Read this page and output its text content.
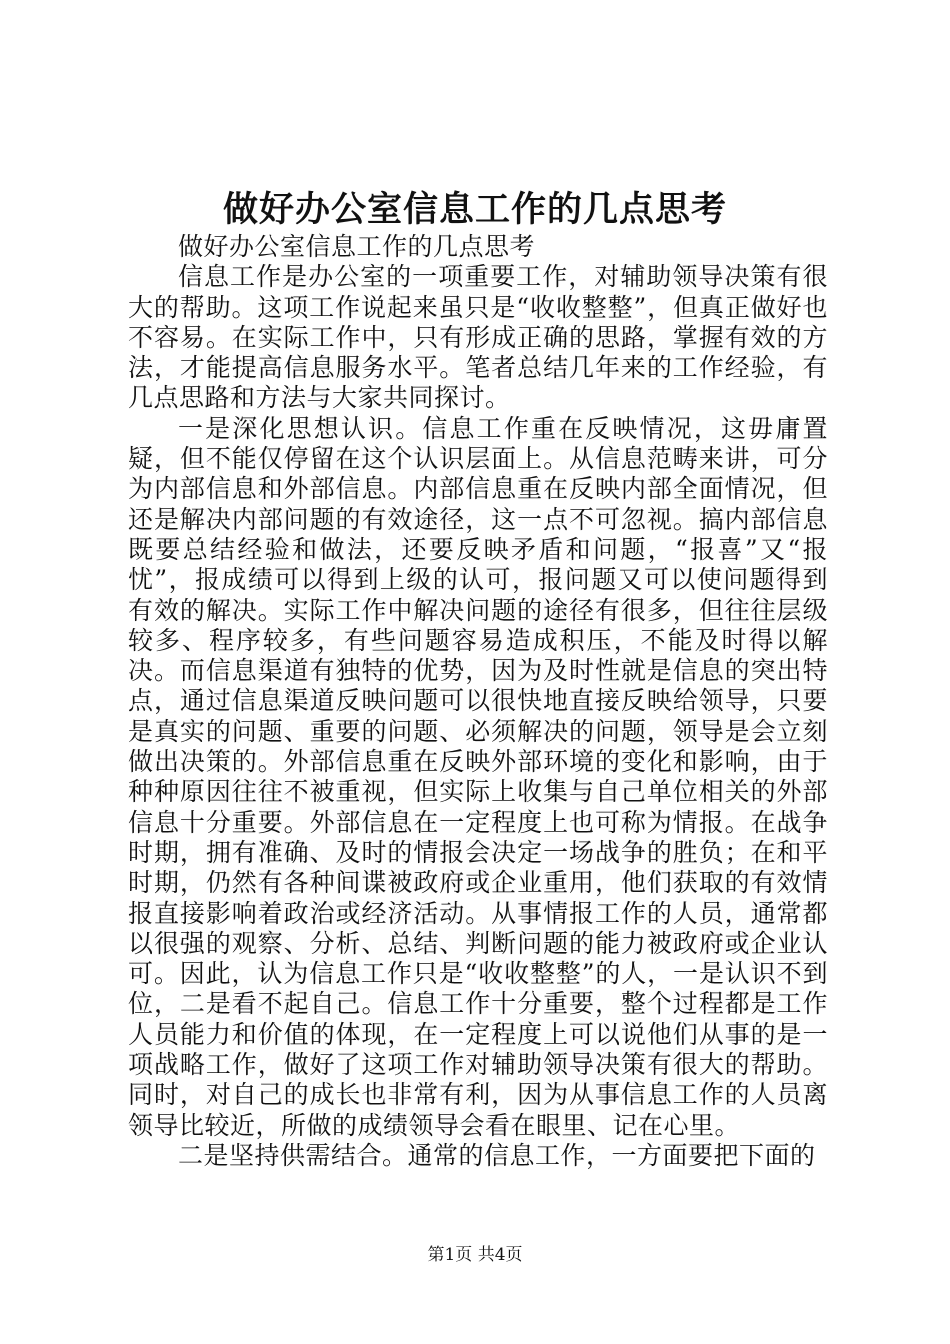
做好办公室信息工作的几点思考

做好办公室信息工作的几点思考

信息工作是办公室的一项重要工作，对辅助领导决策有很大的帮助。这项工作说起来虽只是“收收整整”，但真正做好也不容易。在实际工作中，只有形成正确的思路，掌握有效的方法，才能提高信息服务水平。笔者总结几年来的工作经验，有几点思路和方法与大家共同探讨。

一是深化思想认识。信息工作重在反映情况，这毋庸置疑，但不能仅停留在这个认识层面上。从信息范畴来讲，可分为内部信息和外部信息。内部信息重在反映内部全面情况，但还是解决内部问题的有效途径，这一点不可忽视。搞内部信息既要总结经验和做法，还要反映矛盾和问题，“报喜”又“报忧”，报成绩可以得到上级的认可，报问题又可以使问题得到有效的解决。实际工作中解决问题的途径有很多，但往往层级较多、程序较多，有些问题容易造成积压，不能及时得以解决。而信息渠道有独特的优势，因为及时性就是信息的突出特点，通过信息渠道反映问题可以很快地直接反映给领导，只要是真实的问题、重要的问题、必须解决的问题，领导是会立刻做出决策的。外部信息重在反映外部环境的变化和影响，由于种种原因往往不被重视，但实际上收集与自己单位相关的外部信息十分重要。外部信息在一定程度上也可称为情报。在战争时期，拥有准确、及时的情报会决定一场战争的胜负；在和平时期，仍然有各种间谍被政府或企业重用，他们获取的有效情报直接影响着政治或经济活动。从事情报工作的人员，通常都以很强的观察、分析、总结、判断问题的能力被政府或企业认可。因此，认为信息工作只是“收收整整”的人，一是认识不到位，二是看不起自己。信息工作十分重要，整个过程都是工作人员能力和价值的体现，在一定程度上可以说他们从事的是一项战略工作，做好了这项工作对辅助领导决策有很大的帮助。同时，对自己的成长也非常有利，因为从事信息工作的人员离领导比较近，所做的成绩领导会看在眼里、记在心里。

二是坚持供需结合。通常的信息工作，一方面要把下面的

第1页 共4页
